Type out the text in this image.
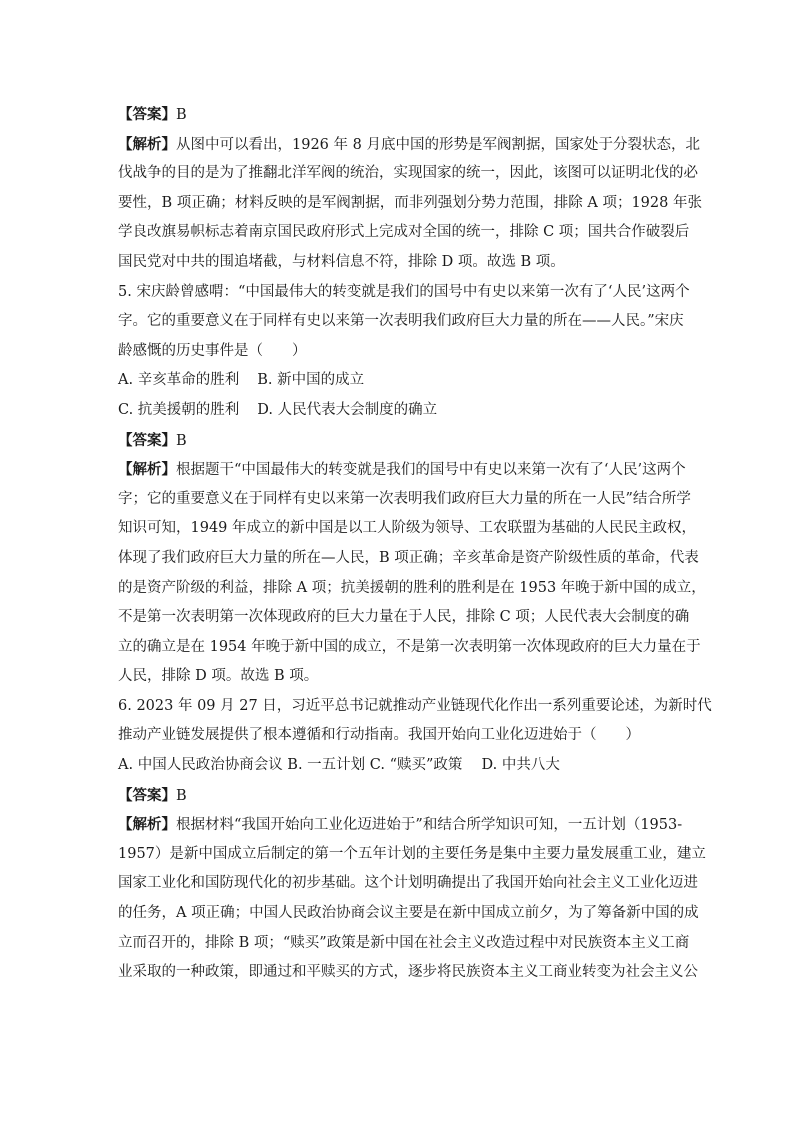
【答案】B
【解析】从图中可以看出，1926 年 8 月底中国的形势是军阀割据，国家处于分裂状态，北
伐战争的目的是为了推翻北洋军阀的统治，实现国家的统一，因此，该图可以证明北伐的必
要性，B 项正确；材料反映的是军阀割据，而非列强划分势力范围，排除 A 项；1928 年张
学良改旗易帜标志着南京国民政府形式上完成对全国的统一，排除 C 项；国共合作破裂后
国民党对中共的围追堵截，与材料信息不符，排除 D 项。故选 B 项。
5. 宋庆龄曾感喟：“中国最伟大的转变就是我们的国号中有史以来第一次有了‘人民’这两个
字。它的重要意义在于同样有史以来第一次表明我们政府巨大力量的所在——人民。”宋庆
龄感慨的历史事件是（　　）
A. 辛亥革命的胜利 B. 新中国的成立
C. 抗美援朝的胜利 D. 人民代表大会制度的确立
【答案】B
【解析】根据题干“中国最伟大的转变就是我们的国号中有史以来第一次有了‘人民’这两个
字；它的重要意义在于同样有史以来第一次表明我们政府巨大力量的所在一人民”结合所学
知识可知，1949 年成立的新中国是以工人阶级为领导、工农联盟为基础的人民民主政权，
体现了我们政府巨大力量的所在—人民，B 项正确；辛亥革命是资产阶级性质的革命，代表
的是资产阶级的利益，排除 A 项；抗美援朝的胜利的胜利是在 1953 年晚于新中国的成立，
不是第一次表明第一次体现政府的巨大力量在于人民，排除 C 项；人民代表大会制度的确
立的确立是在 1954 年晚于新中国的成立，不是第一次表明第一次体现政府的巨大力量在于
人民，排除 D 项。故选 B 项。
6. 2023 年 09 月 27 日，习近平总书记就推动产业链现代化作出一系列重要论述，为新时代
推动产业链发展提供了根本遵循和行动指南。我国开始向工业化迈进始于（　　）
A. 中国人民政治协商会议 B. 一五计划 C. “赎买”政策　 D. 中共八大
【答案】B
【解析】根据材料“我国开始向工业化迈进始于”和结合所学知识可知，一五计划（1953-
1957）是新中国成立后制定的第一个五年计划的主要任务是集中主要力量发展重工业，建立
国家工业化和国防现代化的初步基础。这个计划明确提出了我国开始向社会主义工业化迈进
的任务，A 项正确；中国人民政治协商会议主要是在新中国成立前夕，为了筹备新中国的成
立而召开的，排除 B 项；“赎买”政策是新中国在社会主义改造过程中对民族资本主义工商
业采取的一种政策，即通过和平赎买的方式，逐步将民族资本主义工商业转变为社会主义公
